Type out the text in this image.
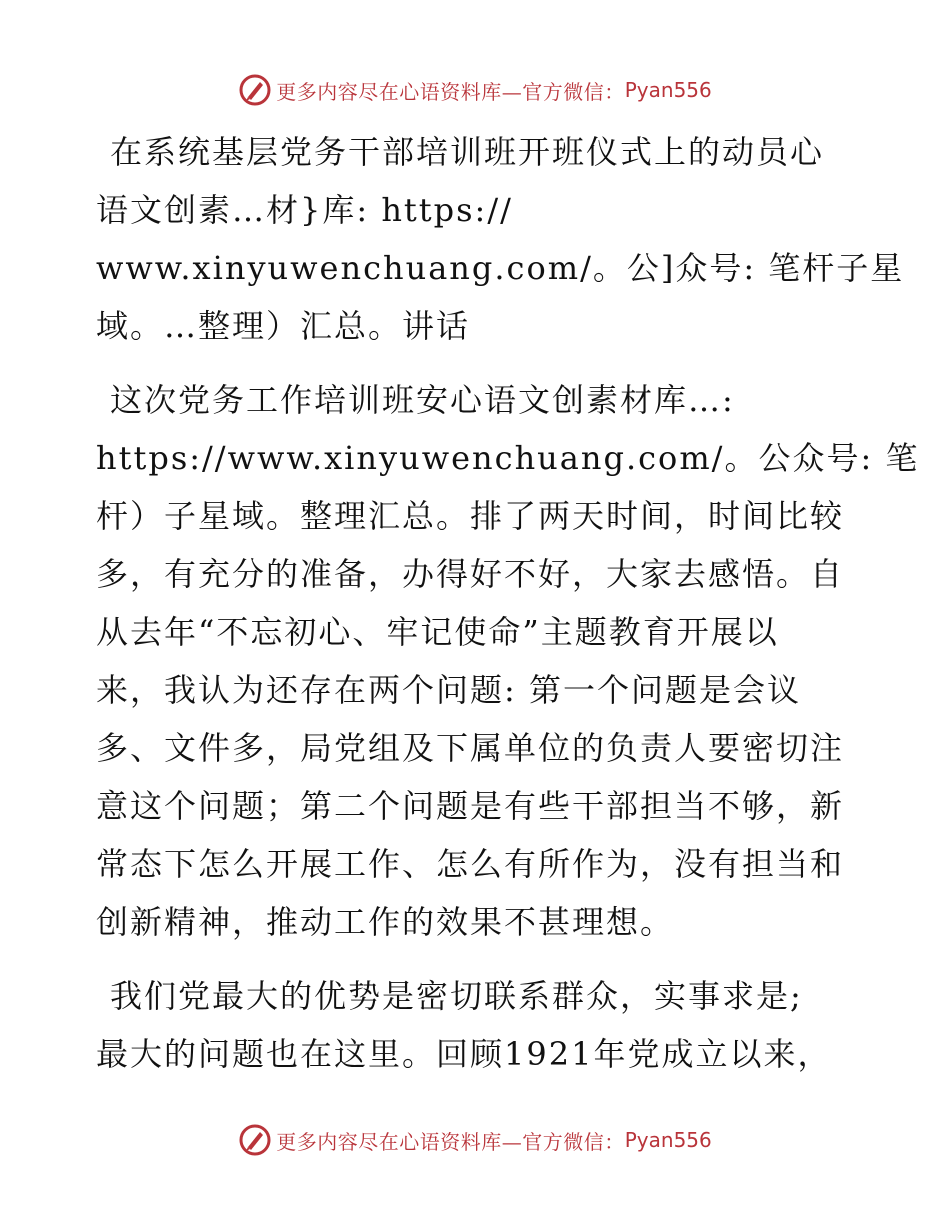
更多内容尽在心语资料库—官方微信： Pyan556

在系统基层党务干部培训班开班仪式上的动员心
语文创素…材}库: https://
www.xinyuwenchuang.com/。公]众号: 笔杆子星
域。…整理）汇总。讲话

这次党务工作培训班安心语文创素材库…:
https://www.xinyuwenchuang.com/。公众号: 笔
杆）子星域。整理汇总。排了两天时间，时间比较
多，有充分的准备，办得好不好，大家去感悟。自
从去年“不忘初心、牢记使命”主题教育开展以
来，我认为还存在两个问题: 第一个问题是会议
多、文件多，局党组及下属单位的负责人要密切注
意这个问题；第二个问题是有些干部担当不够，新
常态下怎么开展工作、怎么有所作为，没有担当和
创新精神，推动工作的效果不甚理想。

我们党最大的优势是密切联系群众，实事求是;
最大的问题也在这里。回顾1921年党成立以来，

更多内容尽在心语资料库—官方微信： Pyan556
